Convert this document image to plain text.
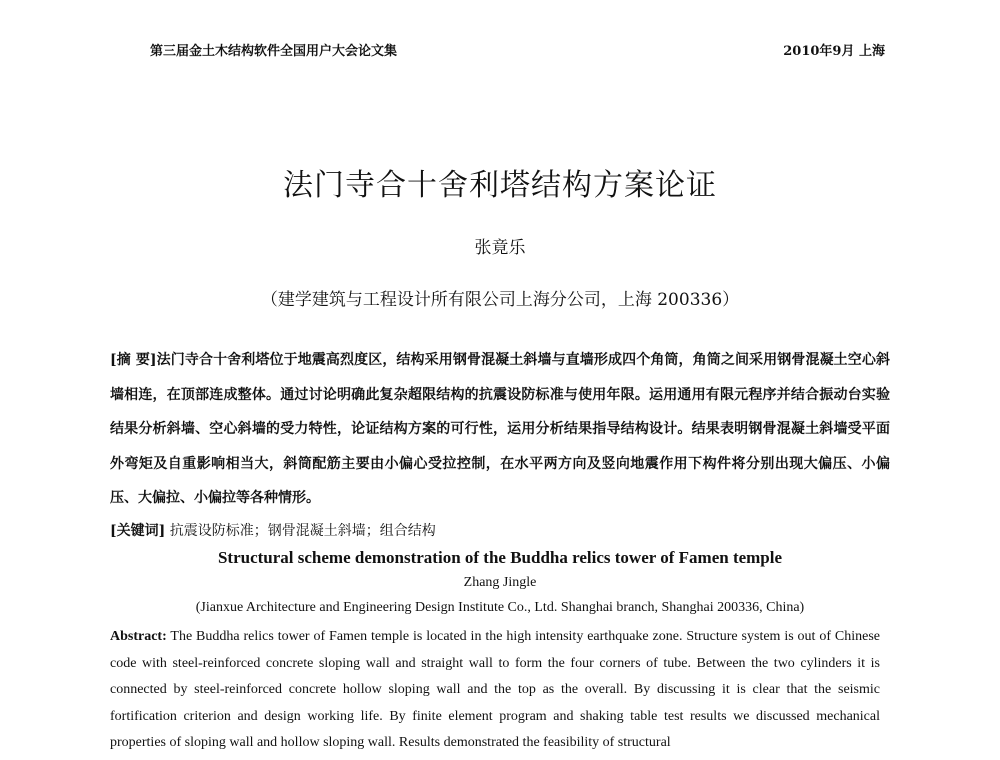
第三届金土木结构软件全国用户大会论文集	2010年9月 上海
法门寺合十舍利塔结构方案论证
张竟乐
（建学建筑与工程设计所有限公司上海分公司，上海 200336）
[摘 要]法门寺合十舍利塔位于地震高烈度区，结构采用钢骨混凝土斜墙与直墙形成四个角筒，角筒之间采用钢骨混凝土空心斜墙相连，在顶部连成整体。通过讨论明确此复杂超限结构的抗震设防标准与使用年限。运用通用有限元程序并结合振动台实验结果分析斜墙、空心斜墙的受力特性，论证结构方案的可行性，运用分析结果指导结构设计。结果表明钢骨混凝土斜墙受平面外弯矩及自重影响相当大，斜筒配筋主要由小偏心受拉控制，在水平两方向及竖向地震作用下构件将分别出现大偏压、小偏压、大偏拉、小偏拉等各种情形。
[关键词] 抗震设防标准；钢骨混凝土斜墙；组合结构
Structural scheme demonstration of the Buddha relics tower of Famen temple
Zhang Jingle
(Jianxue Architecture and Engineering Design Institute Co., Ltd. Shanghai branch, Shanghai 200336, China)
Abstract: The Buddha relics tower of Famen temple is located in the high intensity earthquake zone. Structure system is out of Chinese code with steel-reinforced concrete sloping wall and straight wall to form the four corners of tube. Between the two cylinders it is connected by steel-reinforced concrete hollow sloping wall and the top as the overall. By discussing it is clear that the seismic fortification criterion and design working life. By finite element program and shaking table test results we discussed mechanical properties of sloping wall and hollow sloping wall. Results demonstrated the feasibility of structural
